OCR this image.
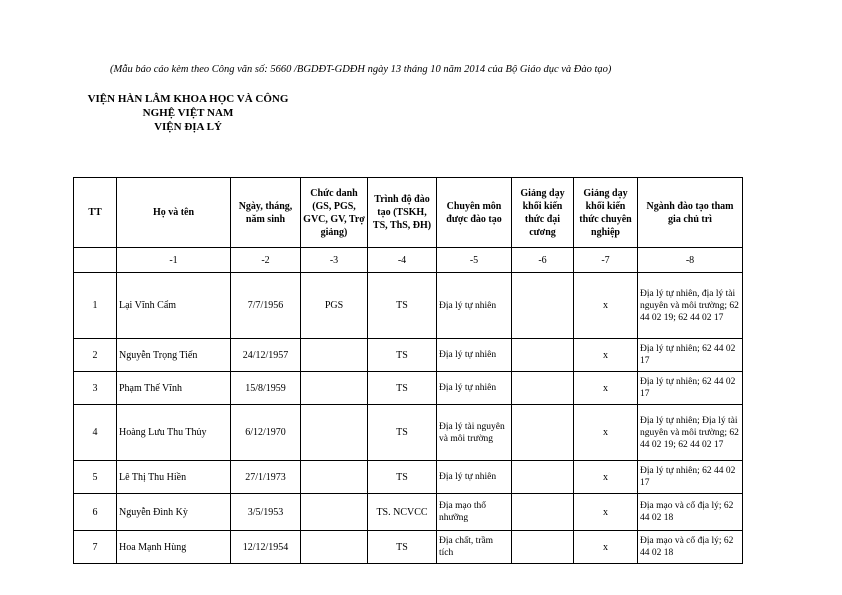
(Mẫu báo cáo kèm theo Công văn số: 5660 /BGDĐT-GDĐH ngày 13 tháng 10 năm 2014 của Bộ Giáo dục và Đào tạo)
VIỆN HÀN LÂM KHOA HỌC VÀ CÔNG
NGHỆ VIỆT NAM
VIỆN ĐỊA LÝ
TT	Họ và tên	Ngày, tháng, năm sinh	Chức danh (GS, PGS, GVC, GV, Trợ giảng)	Trình độ đào tạo (TSKH, TS, ThS, ĐH)	Chuyên môn được đào tạo	Giảng dạy khối kiến thức đại cương	Giảng dạy khối kiến thức chuyên nghiệp	Ngành đào tạo tham gia chủ trì
	-1	-2	-3	-4	-5	-6	-7	-8
1	Lại Vĩnh Cẩm	7/7/1956	PGS	TS	Địa lý tự nhiên		x	Địa lý tự nhiên, địa lý tài nguyên và môi trường; 62 44 02 19; 62 44 02 17
2	Nguyễn Trọng Tiến	24/12/1957		TS	Địa lý tự nhiên		x	Địa lý tự nhiên; 62 44 02 17
3	Phạm Thế Vĩnh	15/8/1959		TS	Địa lý tự nhiên		x	Địa lý tự nhiên; 62 44 02 17
4	Hoàng Lưu Thu Thủy	6/12/1970		TS	Địa lý tài nguyên và môi trường		x	Địa lý tự nhiên; Địa lý tài nguyên và môi trường; 62 44 02 19; 62 44 02 17
5	Lê Thị Thu Hiền	27/1/1973		TS	Địa lý tự nhiên		x	Địa lý tự nhiên; 62 44 02 17
6	Nguyễn Đình Kỳ	3/5/1953		TS. NCVCC	Địa mạo thổ nhưỡng		x	Địa mạo và cổ địa lý; 62 44 02 18
7	Hoa Mạnh Hùng	12/12/1954		TS	Địa chất, trầm tích		x	Địa mạo và cổ địa lý; 62 44 02 18
